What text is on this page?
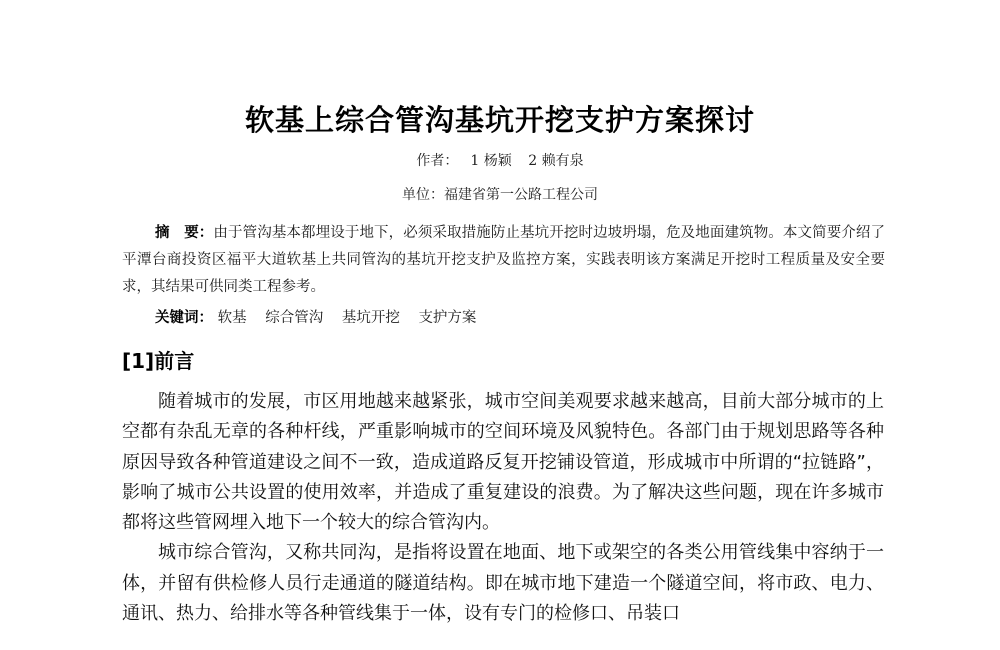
软基上综合管沟基坑开挖支护方案探讨
作者： 1 杨颖 2 赖有泉
单位：福建省第一公路工程公司
摘　要：由于管沟基本都埋设于地下，必须采取措施防止基坑开挖时边坡坍塌，危及地面建筑物。本文简要介绍了平潭台商投资区福平大道软基上共同管沟的基坑开挖支护及监控方案，实践表明该方案满足开挖时工程质量及安全要求，其结果可供同类工程参考。
关键词： 软基 综合管沟 基坑开挖 支护方案
[1]前言

随着城市的发展，市区用地越来越紧张，城市空间美观要求越来越高，目前大部分城市的上空都有杂乱无章的各种杆线，严重影响城市的空间环境及风貌特色。各部门由于规划思路等各种原因导致各种管道建设之间不一致，造成道路反复开挖铺设管道，形成城市中所谓的“拉链路”，影响了城市公共设置的使用效率，并造成了重复建设的浪费。为了解决这些问题，现在许多城市都将这些管网埋入地下一个较大的综合管沟内。

城市综合管沟，又称共同沟，是指将设置在地面、地下或架空的各类公用管线集中容纳于一体，并留有供检修人员行走通道的隧道结构。即在城市地下建造一个隧道空间，将市政、电力、通讯、热力、给排水等各种管线集于一体，设有专门的检修口、吊装口
